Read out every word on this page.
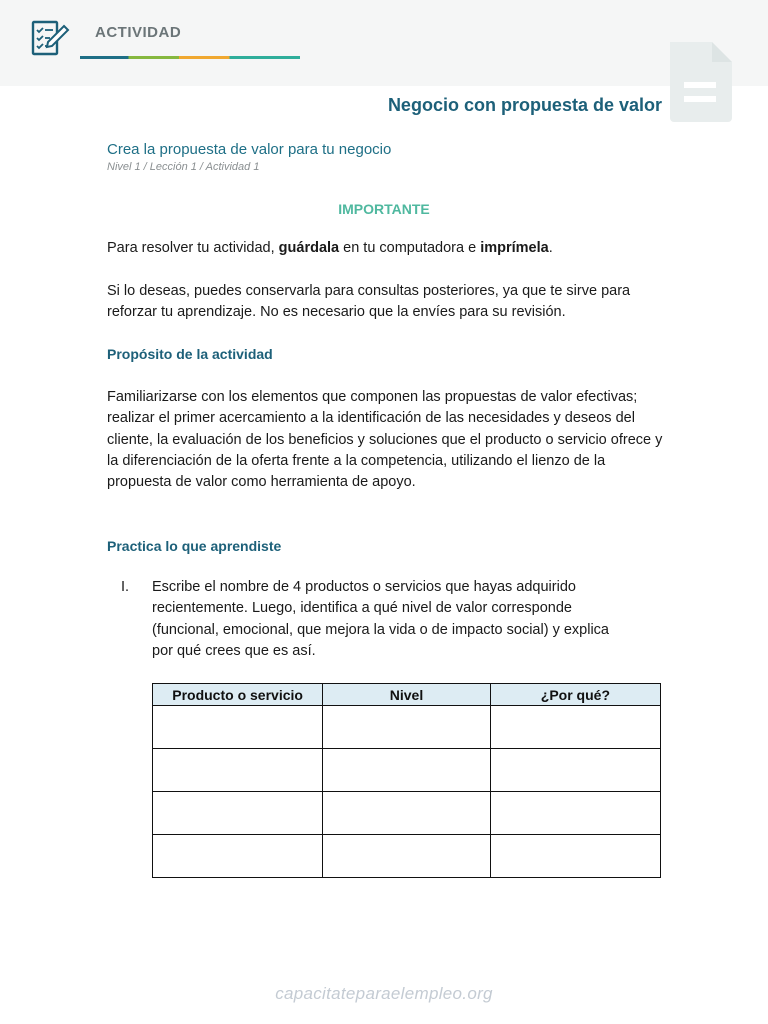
ACTIVIDAD
Negocio con propuesta de valor
Crea la propuesta de valor para tu negocio
Nivel 1 / Lección 1 / Actividad 1
IMPORTANTE
Para resolver tu actividad, guárdala en tu computadora e imprímela.
Si lo deseas, puedes conservarla para consultas posteriores, ya que te sirve para reforzar tu aprendizaje. No es necesario que la envíes para su revisión.
Propósito de la actividad
Familiarizarse con los elementos que componen las propuestas de valor efectivas; realizar el primer acercamiento a la identificación de las necesidades y deseos del cliente, la evaluación de los beneficios y soluciones que el producto o servicio ofrece y la diferenciación de la oferta frente a la competencia, utilizando el lienzo de la propuesta de valor como herramienta de apoyo.
Practica lo que aprendiste
I. Escribe el nombre de 4 productos o servicios que hayas adquirido recientemente. Luego, identifica a qué nivel de valor corresponde (funcional, emocional, que mejora la vida o de impacto social) y explica por qué crees que es así.
Producto o servicio	Nivel	¿Por qué?

capacitateparaelempleo.org
